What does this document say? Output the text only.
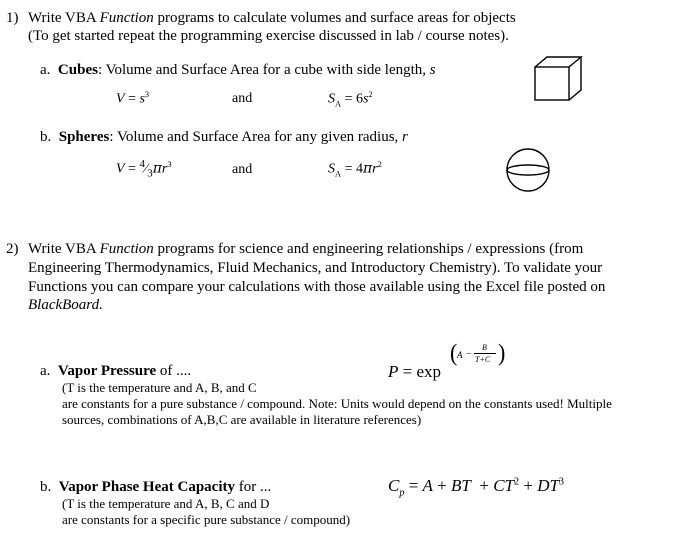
1) Write VBA Function programs to calculate volumes and surface areas for objects
(To get started repeat the programming exercise discussed in lab / course notes).
a. Cubes: Volume and Surface Area for a cube with side length, s
$V = s^3$	and	$S_A = 6s^2$
b. Spheres: Volume and Surface Area for any given radius, r
$V = ^4⁄_3\pi r^3$	and	$S_A = 4\pi r^2$
2) Write VBA Function programs for science and engineering relationships / expressions (from
Engineering Thermodynamics, Fluid Mechanics, and Introductory Chemistry). To validate your
Functions you can compare your calculations with those available using the Excel file posted on
BlackBoard.
a. Vapor Pressure of ....
(T is the temperature and A, B, and C
are constants for a pure substance / compound. Note: Units would depend on the constants used! Multiple
sources, combinations of A,B,C are available in literature references)
P = exp
( A −
B
T+C )
b. Vapor Phase Heat Capacity for ...
(T is the temperature and A, B, C and D
are constants for a specific pure substance / compound)
$C_p = A$ + BT  + $CT^2 + DT^3$
